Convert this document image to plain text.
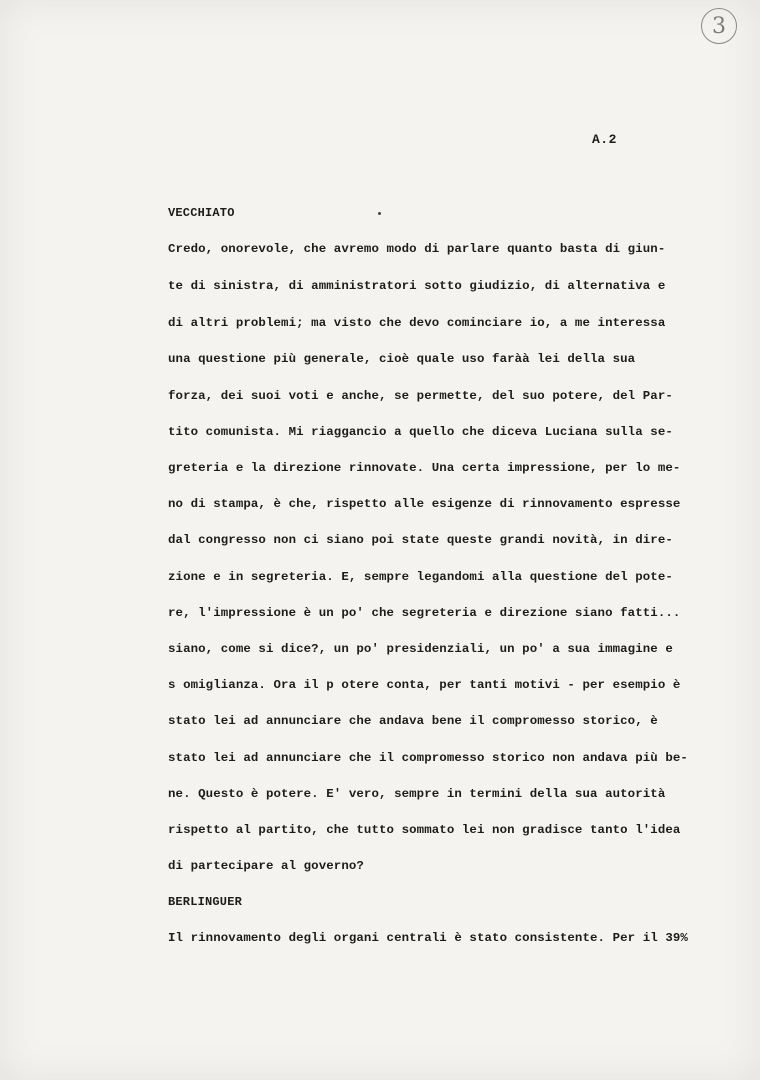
3
A.2
VECCHIATO
Credo, onorevole, che avremo modo di parlare quanto basta di giun-
te di sinistra, di amministratori sotto giudizio, di alternativa e
di altri problemi; ma visto che devo cominciare io, a me interessa
una questione più generale, cioè quale uso faràà lei della sua
forza, dei suoi voti e anche, se permette, del suo potere, del Par-
tito comunista. Mi riaggancio a quello che diceva Luciana sulla se-
greteria e la direzione rinnovate. Una certa impressione, per lo me-
no di stampa, è che, rispetto alle esigenze di rinnovamento espresse
dal congresso non ci siano poi state queste grandi novità, in dire-
zione e in segreteria. E, sempre legandomi alla questione del pote-
re, l'impressione è un po' che segreteria e direzione siano fatti...
siano, come si dice?, un po' presidenziali, un po' a sua immagine e
s omiglianza. Ora il p otere conta, per tanti motivi - per esempio è
stato lei ad annunciare che andava bene il compromesso storico, è
stato lei ad annunciare che il compromesso storico non andava più be-
ne. Questo è potere. E' vero, sempre in termini della sua autorità
rispetto al partito, che tutto sommato lei non gradisce tanto l'idea
di partecipare al governo?
BERLINGUER
Il rinnovamento degli organi centrali è stato consistente. Per il 39%
